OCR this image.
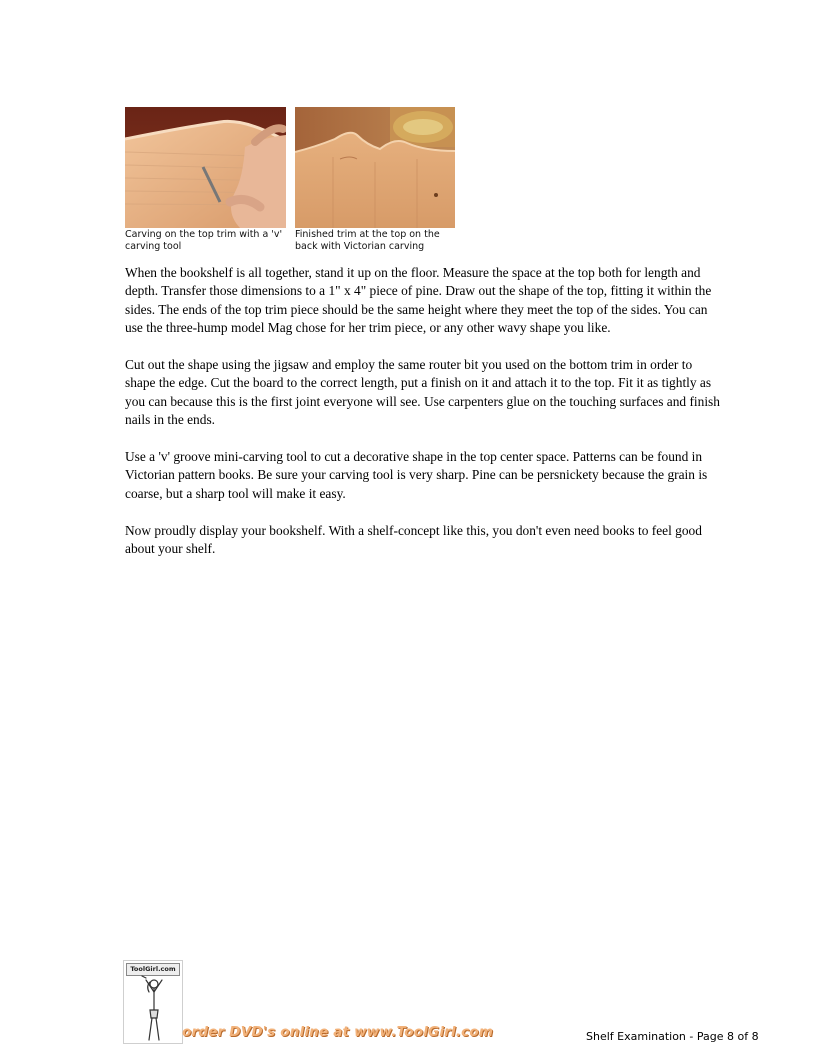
Carving on the top trim with a 'v' carving tool
Finished trim at the top on the back with Victorian carving

When the bookshelf is all together, stand it up on the floor. Measure the space at the top both for length and depth. Transfer those dimensions to a 1" x 4" piece of pine. Draw out the shape of the top, fitting it within the sides. The ends of the top trim piece should be the same height where they meet the top of the sides. You can use the three-hump model Mag chose for her trim piece, or any other wavy shape you like.

Cut out the shape using the jigsaw and employ the same router bit you used on the bottom trim in order to shape the edge. Cut the board to the correct length, put a finish on it and attach it to the top. Fit it as tightly as you can because this is the first joint everyone will see. Use carpenters glue on the touching surfaces and finish nails in the ends.

Use a 'v' groove mini-carving tool to cut a decorative shape in the top center space. Patterns can be found in Victorian pattern books. Be sure your carving tool is very sharp. Pine can be persnickety because the grain is coarse, but a sharp tool will make it easy.

Now proudly display your bookshelf. With a shelf-concept like this, you don't even need books to feel good about your shelf.

ToolGirl.com
order DVD's online at www.ToolGirl.com	Shelf Examination - Page 8 of 8
